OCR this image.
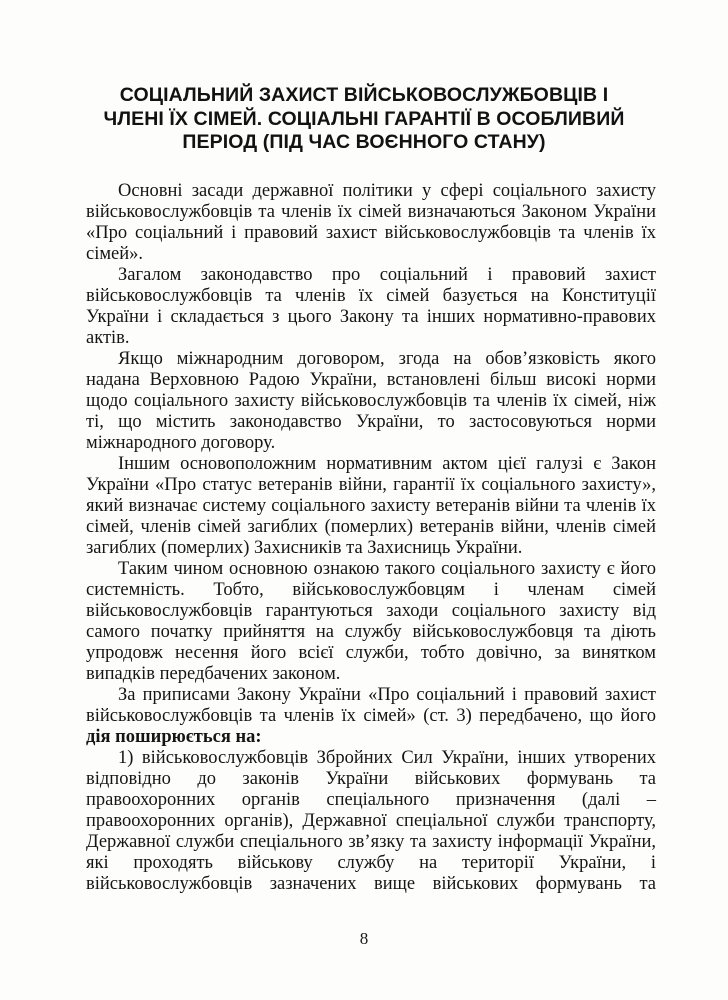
СОЦІАЛЬНИЙ ЗАХИСТ ВІЙСЬКОВОСЛУЖБОВЦІВ І
ЧЛЕНІ ЇХ СІМЕЙ. СОЦІАЛЬНІ ГАРАНТІЇ В ОСОБЛИВИЙ
ПЕРІОД (ПІД ЧАС ВОЄННОГО СТАНУ)

Основні засади державної політики у сфері соціального захисту військовослужбовців та членів їх сімей визначаються Законом України «Про соціальний і правовий захист військовослужбовців та членів їх сімей».

Загалом законодавство про соціальний і правовий захист військовослужбовців та членів їх сімей базується на Конституції України і складається з цього Закону та інших нормативно-правових актів.

Якщо міжнародним договором, згода на обов’язковість якого надана Верховною Радою України, встановлені більш високі норми щодо соціального захисту військовослужбовців та членів їх сімей, ніж ті, що містить законодавство України, то застосовуються норми міжнародного договору.

Іншим основоположним нормативним актом цієї галузі є Закон України «Про статус ветеранів війни, гарантії їх соціального захисту», який визначає систему соціального захисту ветеранів війни та членів їх сімей, членів сімей загиблих (померлих) ветеранів війни, членів сімей загиблих (померлих) Захисників та Захисниць України.

Таким чином основною ознакою такого соціального захисту є його системність. Тобто, військовослужбовцям і членам сімей військовослужбовців гарантуються заходи соціального захисту від самого початку прийняття на службу військовослужбовця та діють упродовж несення його всієї служби, тобто довічно, за винятком випадків передбачених законом.

За приписами Закону України «Про соціальний і правовий захист військовослужбовців та членів їх сімей» (ст. 3) передбачено, що його дія поширюється на:

1) військовослужбовців Збройних Сил України, інших утворених відповідно до законів України військових формувань та правоохоронних органів спеціального призначення (далі – правоохоронних органів), Державної спеціальної служби транспорту, Державної служби спеціального зв’язку та захисту інформації України, які проходять військову службу на території України, і військовослужбовців зазначених вище військових формувань та

8
